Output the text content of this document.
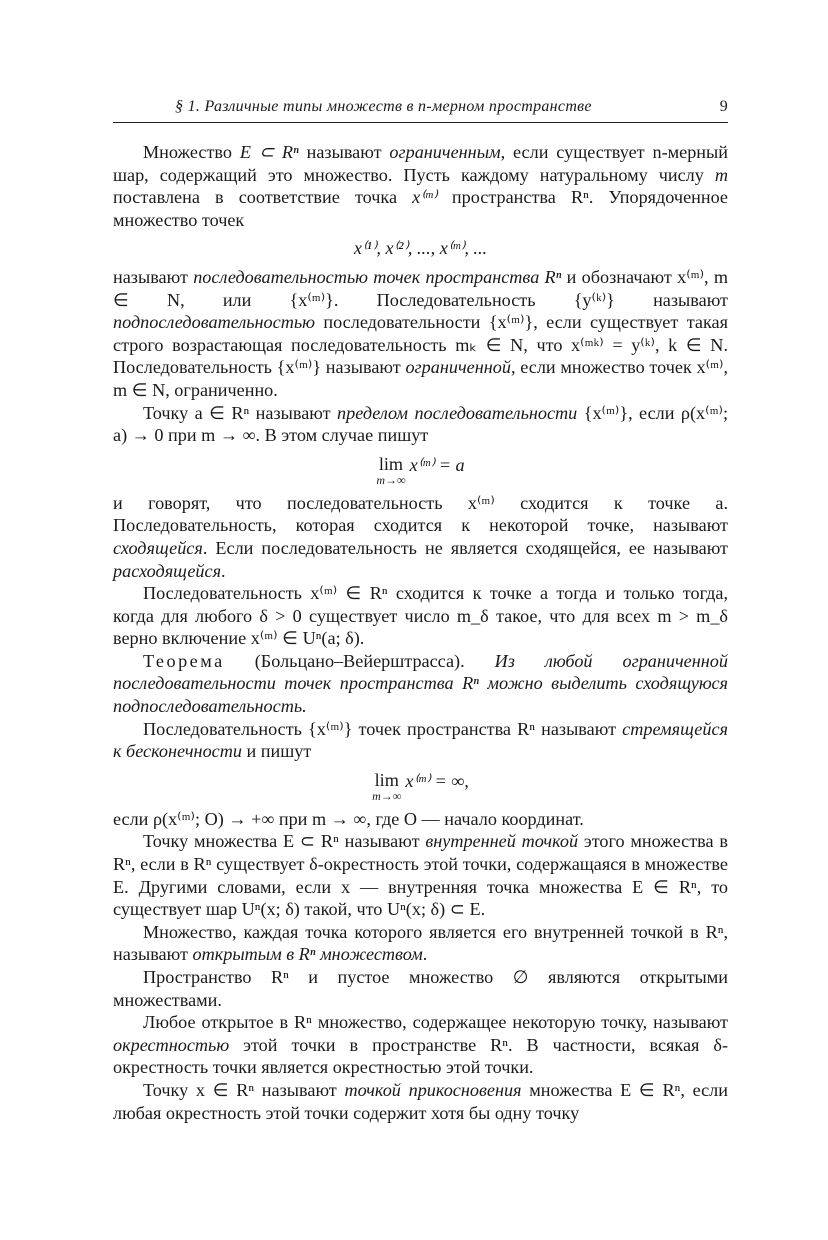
§ 1. Различные типы множеств в n-мерном пространстве	9

Множество E ⊂ Rⁿ называют ограниченным, если существует n-мерный шар, содержащий это множество. Пусть каждому натуральному числу m поставлена в соответствие точка x⁽ᵐ⁾ пространства Rⁿ. Упорядоченное множество точек

x⁽¹⁾, x⁽²⁾, ..., x⁽ᵐ⁾, ...

называют последовательностью точек пространства Rⁿ и обозначают x⁽ᵐ⁾, m ∈ N, или {x⁽ᵐ⁾}. Последовательность {y⁽ᵏ⁾} называют подпоследовательностью последовательности {x⁽ᵐ⁾}, если существует такая строго возрастающая последовательность mₖ ∈ N, что x⁽ᵐᵏ⁾ = y⁽ᵏ⁾, k ∈ N. Последовательность {x⁽ᵐ⁾} называют ограниченной, если множество точек x⁽ᵐ⁾, m ∈ N, ограниченно.

Точку a ∈ Rⁿ называют пределом последовательности {x⁽ᵐ⁾}, если ρ(x⁽ᵐ⁾; a) → 0 при m → ∞. В этом случае пишут

lim
m→∞
x⁽ᵐ⁾ = a

и говорят, что последовательность x⁽ᵐ⁾ сходится к точке a. Последовательность, которая сходится к некоторой точке, называют сходящейся. Если последовательность не является сходящейся, ее называют расходящейся.

Последовательность x⁽ᵐ⁾ ∈ Rⁿ сходится к точке a тогда и только тогда, когда для любого δ > 0 существует число m_δ такое, что для всех m > m_δ верно включение x⁽ᵐ⁾ ∈ Uⁿ(a; δ).

Теорема (Больцано–Вейерштрасса). Из любой ограниченной последовательности точек пространства Rⁿ можно выделить сходящуюся подпоследовательность.

Последовательность {x⁽ᵐ⁾} точек пространства Rⁿ называют стремящейся к бесконечности и пишут

lim
m→∞
x⁽ᵐ⁾ = ∞,

если ρ(x⁽ᵐ⁾; O) → +∞ при m → ∞, где O — начало координат.

Точку множества E ⊂ Rⁿ называют внутренней точкой этого множества в Rⁿ, если в Rⁿ существует δ-окрестность этой точки, содержащаяся в множестве E. Другими словами, если x — внутренняя точка множества E ∈ Rⁿ, то существует шар Uⁿ(x; δ) такой, что Uⁿ(x; δ) ⊂ E.

Множество, каждая точка которого является его внутренней точкой в Rⁿ, называют открытым в Rⁿ множеством.

Пространство Rⁿ и пустое множество ∅ являются открытыми множествами.

Любое открытое в Rⁿ множество, содержащее некоторую точку, называют окрестностью этой точки в пространстве Rⁿ. В частности, всякая δ-окрестность точки является окрестностью этой точки.

Точку x ∈ Rⁿ называют точкой прикосновения множества E ∈ Rⁿ, если любая окрестность этой точки содержит хотя бы одну точку
